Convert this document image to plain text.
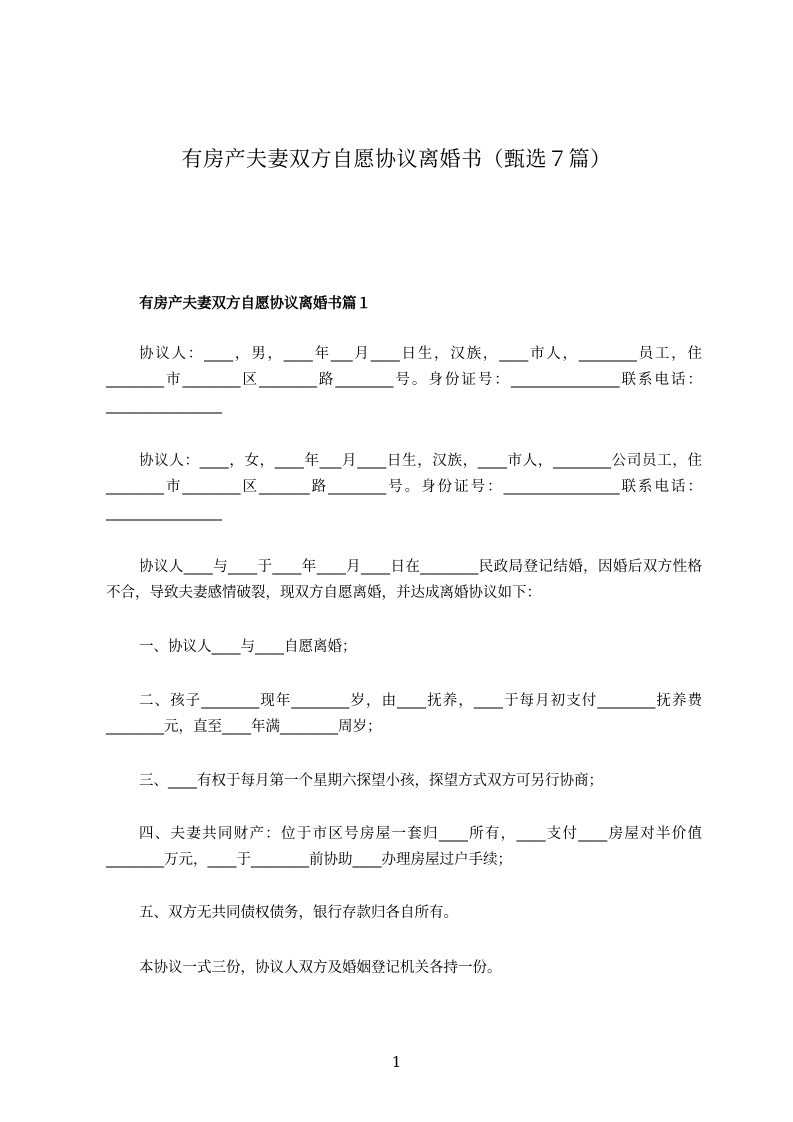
有房产夫妻双方自愿协议离婚书（甄选７篇）
有房产夫妻双方自愿协议离婚书篇１
协议人：____，男，____年___月____日生，汉族，____市人，________员工，住________市________区________路________号。身份证号：_______________联系电话：________________
协议人：____，女，____年___月____日生，汉族，____市人，________公司员工，住________市________区_______路________号。身份证号：________________联系电话：________________
协议人____与____于____年____月____日在________民政局登记结婚，因婚后双方性格不合，导致夫妻感情破裂，现双方自愿离婚，并达成离婚协议如下：
一、协议人____与____自愿离婚；
二、孩子________现年________岁，由____抚养，____于每月初支付________抚养费________元，直至____年满________周岁；
三、____有权于每月第一个星期六探望小孩，探望方式双方可另行协商；
四、夫妻共同财产：位于市区号房屋一套归____所有，____支付____房屋对半价值________万元，____于________前协助____办理房屋过户手续；
五、双方无共同债权债务，银行存款归各自所有。
本协议一式三份，协议人双方及婚姻登记机关各持一份。
1
